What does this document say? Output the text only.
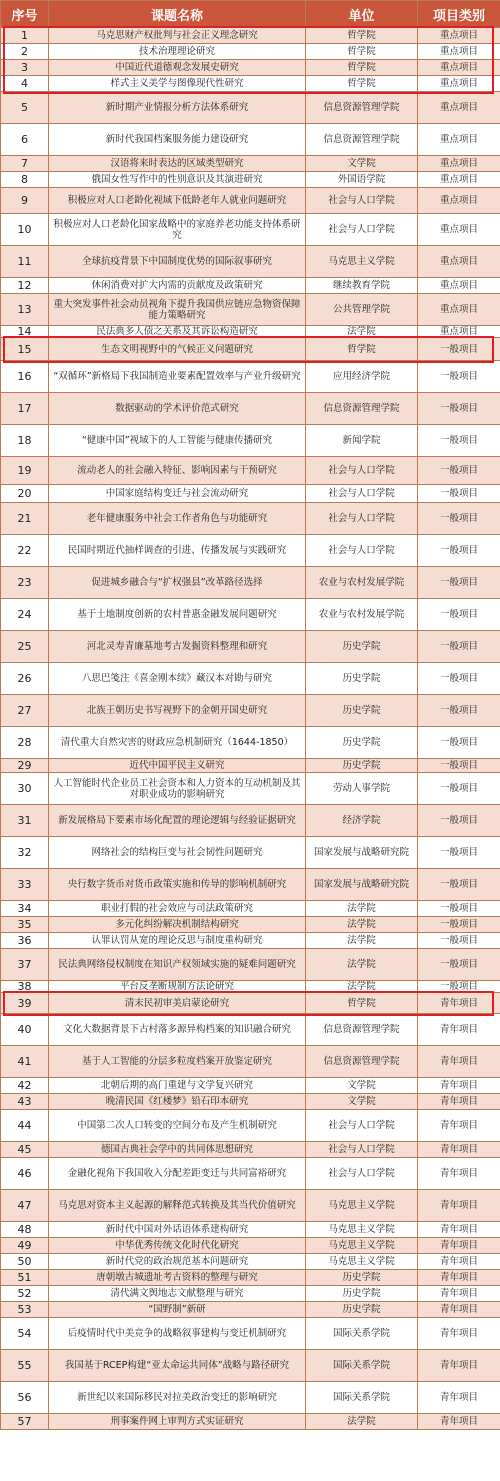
序号	课题名称	单位	项目类别
1	马克思财产权批判与社会正义理念研究	哲学院	重点项目
2	技术治理理论研究	哲学院	重点项目
3	中国近代道德观念发展史研究	哲学院	重点项目
4	样式主义美学与图像现代性研究	哲学院	重点项目
5	新时期产业情报分析方法体系研究	信息资源管理学院	重点项目
6	新时代我国档案服务能力建设研究	信息资源管理学院	重点项目
7	汉语将来时表达的区域类型研究	文学院	重点项目
8	俄国女性写作中的性别意识及其演进研究	外国语学院	重点项目
9	积极应对人口老龄化视域下低龄老年人就业问题研究	社会与人口学院	重点项目
10	积极应对人口老龄化国家战略中的家庭养老功能支持体系研究	社会与人口学院	重点项目
11	全球抗疫背景下中国制度优势的国际叙事研究	马克思主义学院	重点项目
12	休闲消费对扩大内需的贡献度及政策研究	继续教育学院	重点项目
13	重大突发事件社会动员视角下提升我国供应链应急物资保障能力策略研究	公共管理学院	重点项目
14	民法典多人债之关系及其诉讼构造研究	法学院	重点项目
15	生态文明视野中的气候正义问题研究	哲学院	一般项目
16	“双循环”新格局下我国制造业要素配置效率与产业升级研究	应用经济学院	一般项目
17	数据驱动的学术评价范式研究	信息资源管理学院	一般项目
18	“健康中国”视域下的人工智能与健康传播研究	新闻学院	一般项目
19	流动老人的社会融入特征、影响因素与干预研究	社会与人口学院	一般项目
20	中国家庭结构变迁与社会流动研究	社会与人口学院	一般项目
21	老年健康服务中社会工作者角色与功能研究	社会与人口学院	一般项目
22	民国时期近代抽样调查的引进、传播发展与实践研究	社会与人口学院	一般项目
23	促进城乡融合与“扩权强县”改革路径选择	农业与农村发展学院	一般项目
24	基于土地制度创新的农村普惠金融发展问题研究	农业与农村发展学院	一般项目
25	河北灵寿青廉墓地考古发掘资料整理和研究	历史学院	一般项目
26	八思巴笺注《喜金刚本续》藏汉本对勘与研究	历史学院	一般项目
27	北族王朝历史书写视野下的金朝开国史研究	历史学院	一般项目
28	清代重大自然灾害的财政应急机制研究（1644-1850）	历史学院	一般项目
29	近代中国平民主义研究	历史学院	一般项目
30	人工智能时代企业员工社会资本和人力资本的互动机制及其对职业成功的影响研究	劳动人事学院	一般项目
31	新发展格局下要素市场化配置的理论逻辑与经验证据研究	经济学院	一般项目
32	网络社会的结构巨变与社会韧性问题研究	国家发展与战略研究院	一般项目
33	央行数字货币对货币政策实施和传导的影响机制研究	国家发展与战略研究院	一般项目
34	职业打假的社会效应与司法政策研究	法学院	一般项目
35	多元化纠纷解决机制结构研究	法学院	一般项目
36	认罪认罚从宽的理论反思与制度重构研究	法学院	一般项目
37	民法典网络侵权制度在知识产权领域实施的疑难问题研究	法学院	一般项目
38	平台反垄断规制方法论研究	法学院	一般项目
39	清末民初审美启蒙论研究	哲学院	青年项目
40	文化大数据背景下古村落多源异构档案的知识融合研究	信息资源管理学院	青年项目
41	基于人工智能的分层多粒度档案开放鉴定研究	信息资源管理学院	青年项目
42	北朝后期的高门重建与文学复兴研究	文学院	青年项目
43	晚清民国《红楼梦》铅石印本研究	文学院	青年项目
44	中国第二次人口转变的空间分布及产生机制研究	社会与人口学院	青年项目
45	德国古典社会学中的共同体思想研究	社会与人口学院	青年项目
46	金融化视角下我国收入分配差距变迁与共同富裕研究	社会与人口学院	青年项目
47	马克思对资本主义起源的解释范式转换及其当代价值研究	马克思主义学院	青年项目
48	新时代中国对外话语体系建构研究	马克思主义学院	青年项目
49	中华优秀传统文化时代化研究	马克思主义学院	青年项目
50	新时代党的政治规范基本问题研究	马克思主义学院	青年项目
51	唐朝墩古城遗址考古资料的整理与研究	历史学院	青年项目
52	清代满文舆地志文献整理与研究	历史学院	青年项目
53	“国野制”新研	历史学院	青年项目
54	后疫情时代中美竞争的战略叙事建构与变迁机制研究	国际关系学院	青年项目
55	我国基于RCEP构建“亚太命运共同体”战略与路径研究	国际关系学院	青年项目
56	新世纪以来国际移民对拉美政治变迁的影响研究	国际关系学院	青年项目
57	刑事案件网上审判方式实证研究	法学院	青年项目
